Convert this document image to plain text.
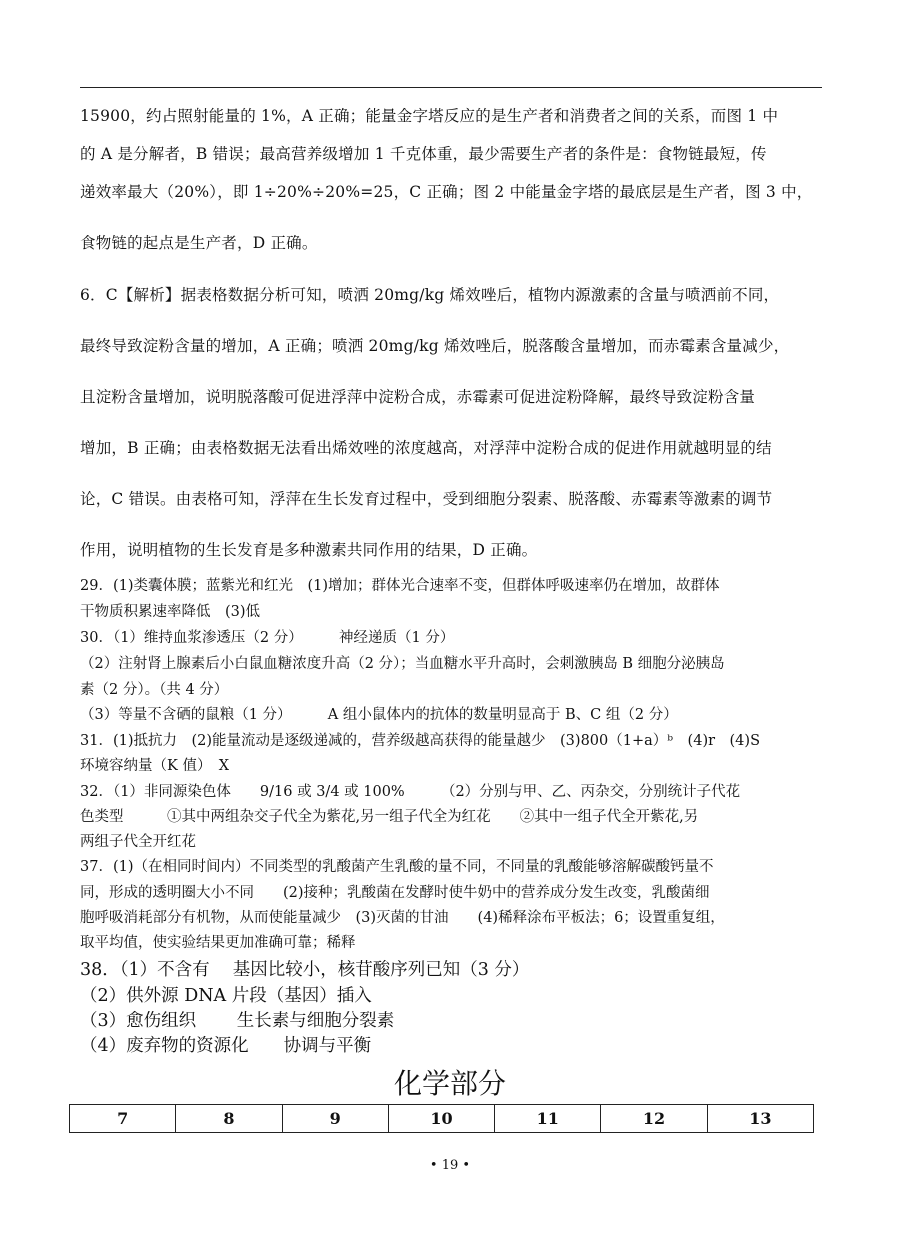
15900，约占照射能量的 1%，A 正确；能量金字塔反应的是生产者和消费者之间的关系，而图 1 中
的 A 是分解者，B 错误；最高营养级增加 1 千克体重，最少需要生产者的条件是：食物链最短，传
递效率最大（20%），即 1÷20%÷20%=25，C 正确；图 2 中能量金字塔的最底层是生产者，图 3 中，
食物链的起点是生产者，D 正确。
6．C【解析】据表格数据分析可知，喷洒 20mg/kg 烯效唑后，植物内源激素的含量与喷洒前不同，
最终导致淀粉含量的增加，A 正确；喷洒 20mg/kg 烯效唑后，脱落酸含量增加，而赤霉素含量减少，
且淀粉含量增加，说明脱落酸可促进浮萍中淀粉合成，赤霉素可促进淀粉降解，最终导致淀粉含量
增加，B 正确；由表格数据无法看出烯效唑的浓度越高，对浮萍中淀粉合成的促进作用就越明显的结
论，C 错误。由表格可知，浮萍在生长发育过程中，受到细胞分裂素、脱落酸、赤霉素等激素的调节
作用，说明植物的生长发育是多种激素共同作用的结果，D 正确。
29．(1)类囊体膜；蓝紫光和红光　(1)增加；群体光合速率不变，但群体呼吸速率仍在增加，故群体
干物质积累速率降低　(3)低
30．（1）维持血浆渗透压（2 分）　　　神经递质（1 分）
（2）注射肾上腺素后小白鼠血糖浓度升高（2 分）；当血糖水平升高时，会刺激胰岛 B 细胞分泌胰岛
素（2 分）。（共 4 分）
（3）等量不含硒的鼠粮（1 分）　　　A 组小鼠体内的抗体的数量明显高于 B、C 组（2 分）
31．(1)抵抗力　(2)能量流动是逐级递减的，营养级越高获得的能量越少　(3)800（1+a）ᵇ　(4)r　(4)S
环境容纳量（K 值）　X
32．（1）非同源染色体　　9/16 或 3/4 或 100%　　　（2）分别与甲、乙、丙杂交，分别统计子代花
色类型　　　①其中两组杂交子代全为紫花,另一组子代全为红花　　②其中一组子代全开紫花,另
两组子代全开红花
37．(1)（在相同时间内）不同类型的乳酸菌产生乳酸的量不同，不同量的乳酸能够溶解碳酸钙量不
同，形成的透明圈大小不同　　(2)接种；乳酸菌在发酵时使牛奶中的营养成分发生改变，乳酸菌细
胞呼吸消耗部分有机物，从而使能量减少　(3)灭菌的甘油　　(4)稀释涂布平板法；6；设置重复组，
取平均值，使实验结果更加准确可靠；稀释
38．（1）不含有　 基因比较小，核苷酸序列已知（3 分）
（2）供外源 DNA 片段（基因）插入
（3）愈伤组织　　 生长素与细胞分裂素
（4）废弃物的资源化　　协调与平衡
化学部分
7	8	9	10	11	12	13
• 19 •
